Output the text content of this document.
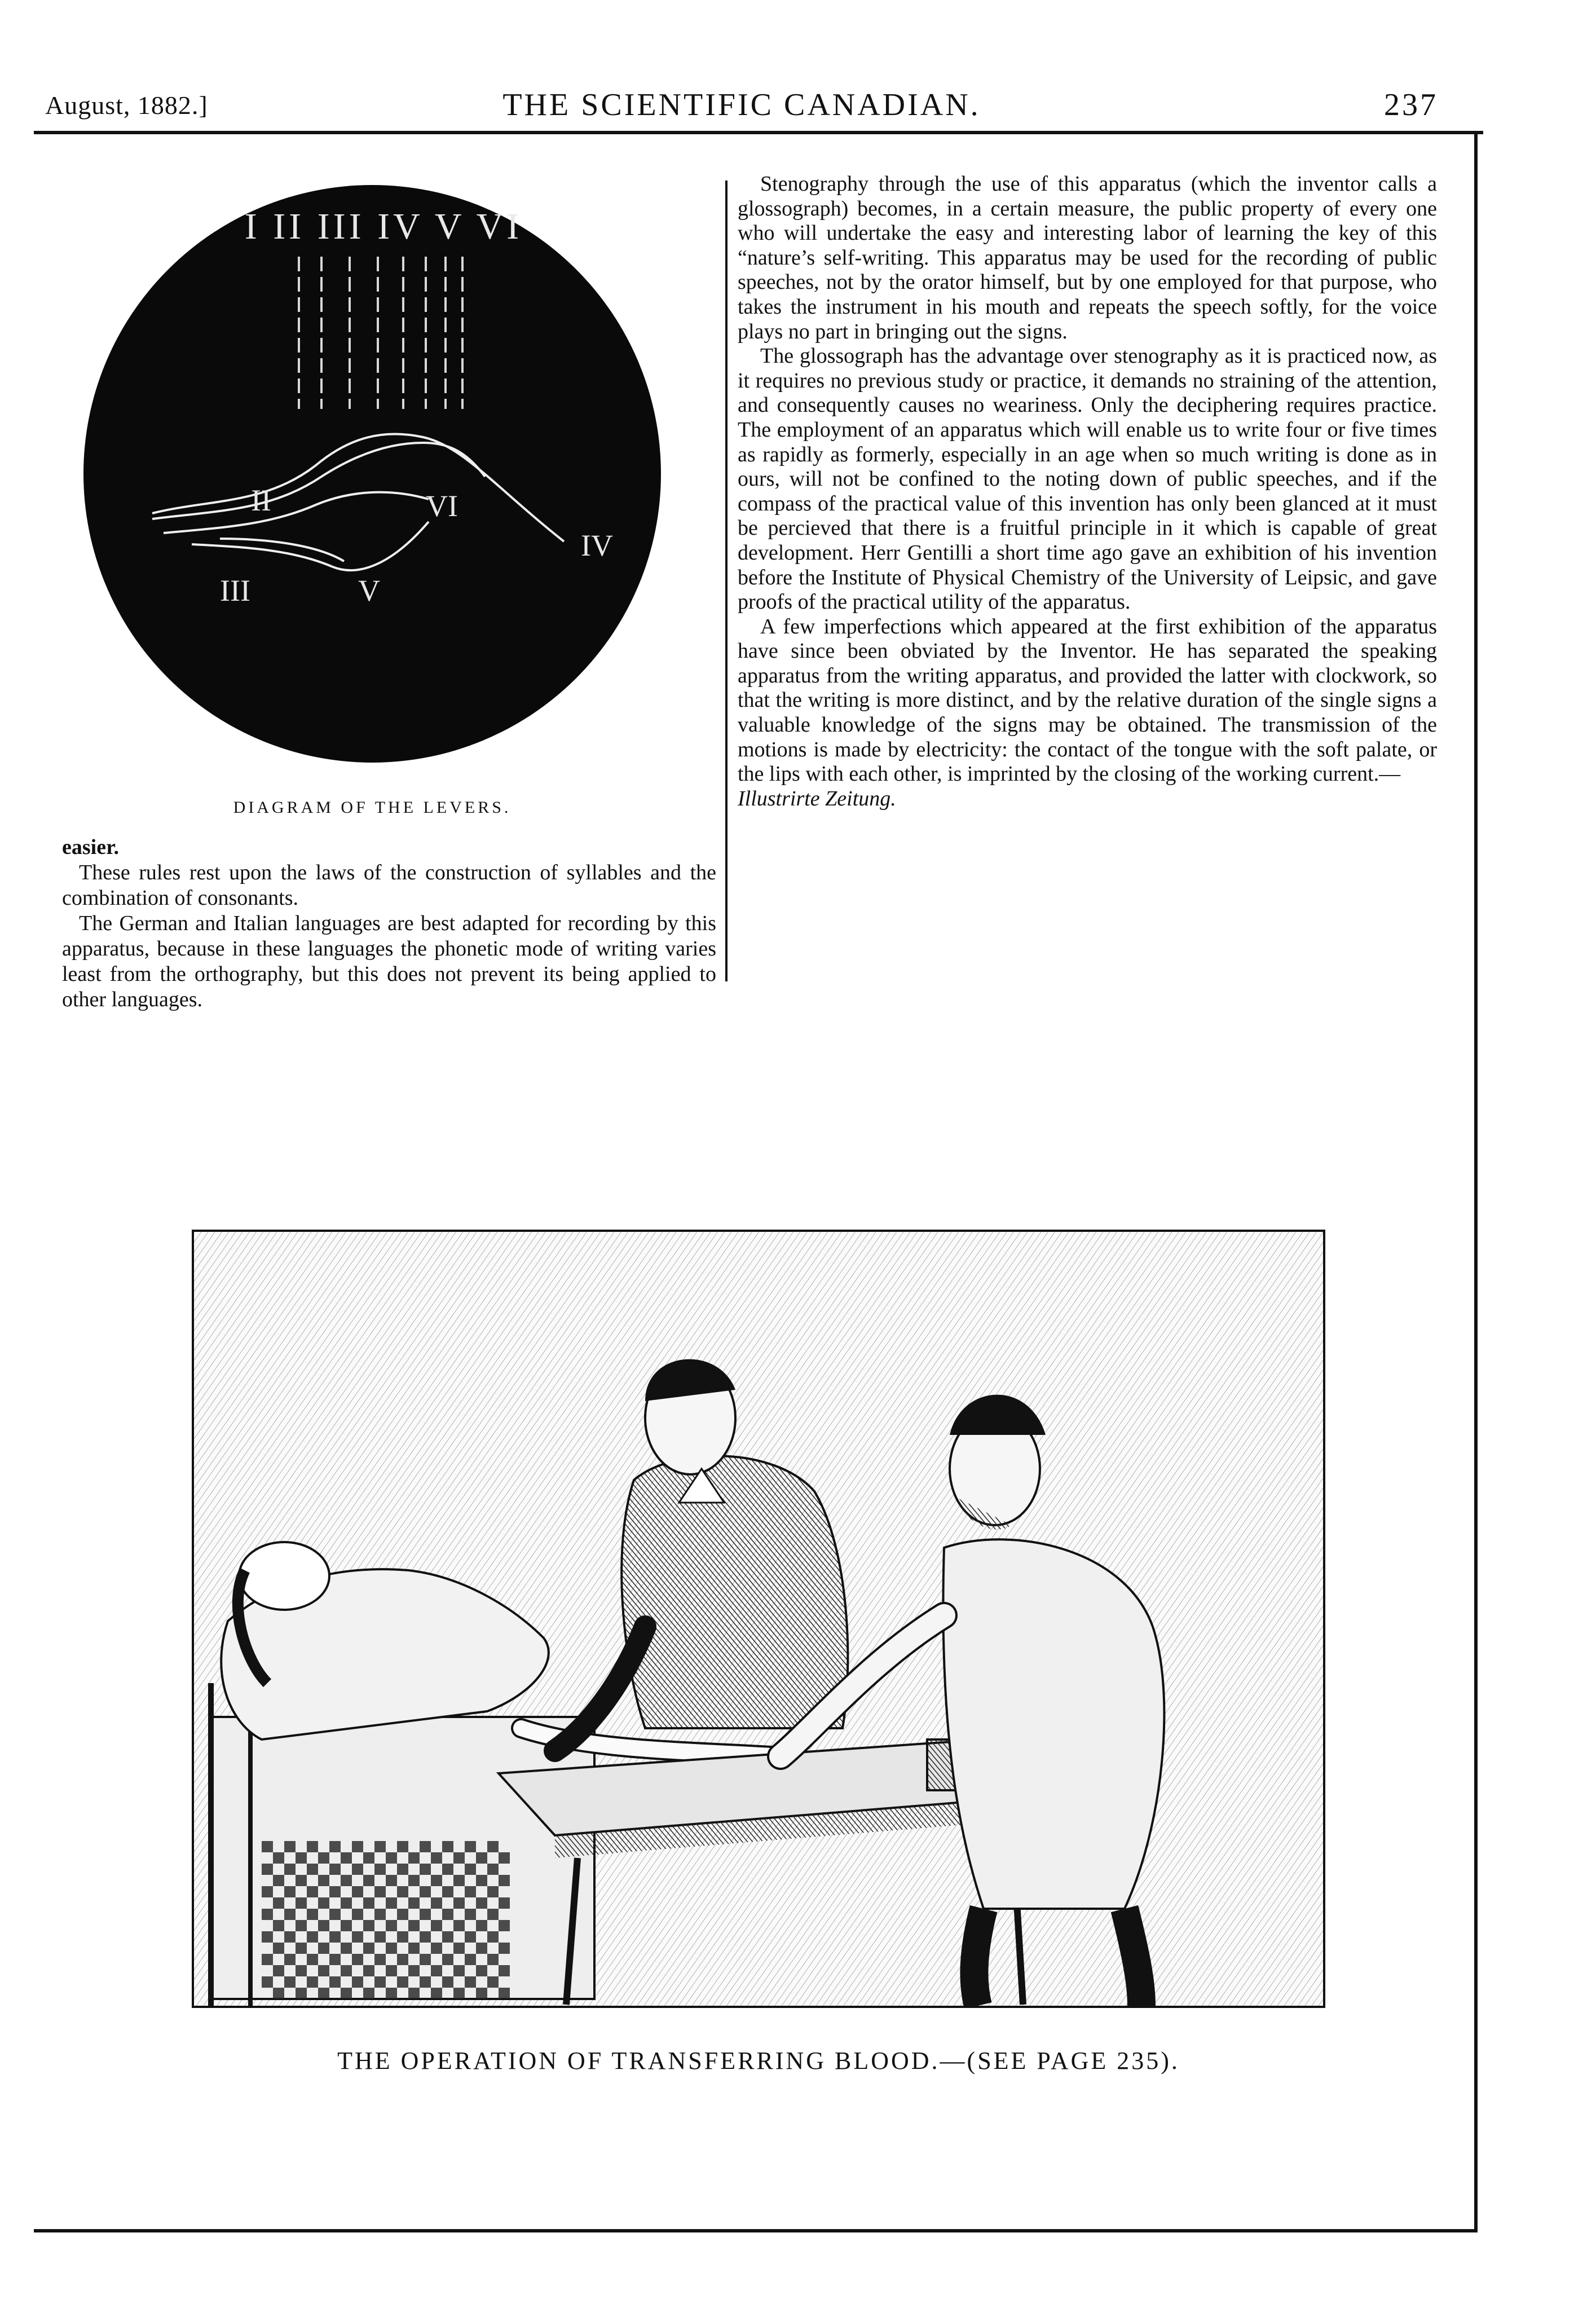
August, 1882.]	THE SCIENTIFIC CANADIAN.	237
I II III IV V VI
II
III	V
VI
IV
DIAGRAM OF THE LEVERS.

easier.

These rules rest upon the laws of the construction of syllables and the combination of consonants.

The German and Italian languages are best adapted for recording by this apparatus, because in these languages the phonetic mode of writing varies least from the orthography, but this does not prevent its being applied to other languages.

Stenography through the use of this apparatus (which the inventor calls a glossograph) becomes, in a certain measure, the public property of every one who will undertake the easy and interesting labor of learning the key of this “nature’s self-writing. This apparatus may be used for the recording of public speeches, not by the orator himself, but by one employed for that purpose, who takes the instrument in his mouth and repeats the speech softly, for the voice plays no part in bringing out the signs.

The glossograph has the advantage over stenography as it is practiced now, as it requires no previous study or practice, it demands no straining of the attention, and consequently causes no weariness. Only the deciphering requires practice. The employment of an apparatus which will enable us to write four or five times as rapidly as formerly, especially in an age when so much writing is done as in ours, will not be confined to the noting down of public speeches, and if the compass of the practical value of this invention has only been glanced at it must be percieved that there is a fruitful principle in it which is capable of great development. Herr Gentilli a short time ago gave an exhibition of his invention before the Institute of Physical Chemistry of the University of Leipsic, and gave proofs of the practical utility of the apparatus.

A few imperfections which appeared at the first exhibition of the apparatus have since been obviated by the Inventor. He has separated the speaking apparatus from the writing apparatus, and provided the latter with clockwork, so that the writing is more distinct, and by the relative duration of the single signs a valuable knowledge of the signs may be obtained. The transmission of the motions is made by electricity: the contact of the tongue with the soft palate, or the lips with each other, is imprinted by the closing of the working current.—

Illustrirte Zeitung.

THE OPERATION OF TRANSFERRING BLOOD.—(SEE PAGE 235).
